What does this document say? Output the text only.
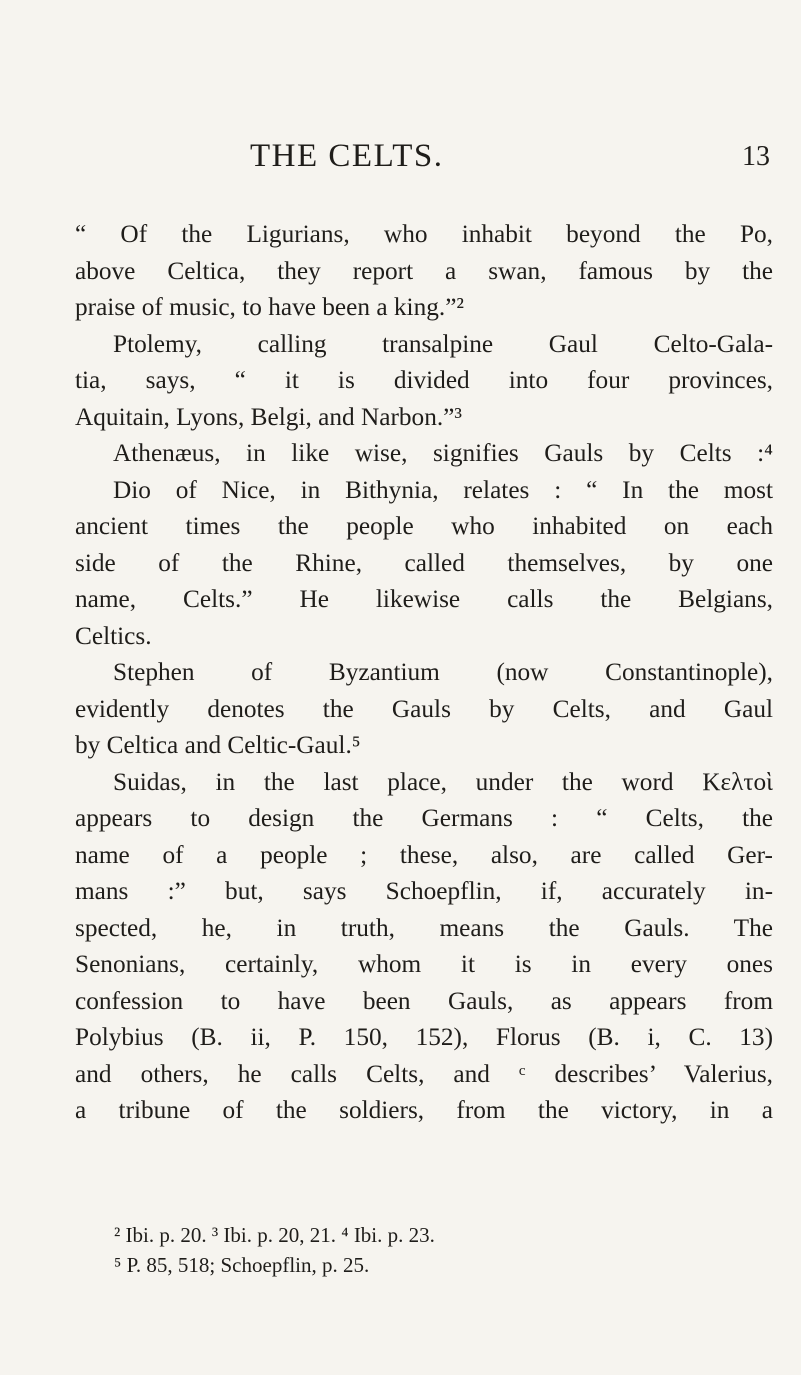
THE CELTS.	13
“ Of the Ligurians, who inhabit beyond the Po,
above Celtica, they report a swan, famous by the
praise of music, to have been a king.”²
Ptolemy, calling transalpine Gaul Celto-Gala-
tia, says, “ it is divided into four provinces,
Aquitain, Lyons, Belgi, and Narbon.”³
Athenæus, in like wise, signifies Gauls by Celts :⁴
Dio of Nice, in Bithynia, relates : “ In the most
ancient times the people who inhabited on each
side of the Rhine, called themselves, by one
name, Celts.” He likewise calls the Belgians,
Celtics.
Stephen of Byzantium (now Constantinople),
evidently denotes the Gauls by Celts, and Gaul
by Celtica and Celtic-Gaul.⁵
Suidas, in the last place, under the word Κελτοὶ
appears to design the Germans : “ Celts, the
name of a people ; these, also, are called Ger-
mans :” but, says Schoepflin, if, accurately in-
spected, he, in truth, means the Gauls. The
Senonians, certainly, whom it is in every ones
confession to have been Gauls, as appears from
Polybius (B. ii, P. 150, 152), Florus (B. i, C. 13)
and others, he calls Celts, and ᶜ describes’ Valerius,
a tribune of the soldiers, from the victory, in a
² Ibi. p. 20. ³ Ibi. p. 20, 21. ⁴ Ibi. p. 23.
⁵ P. 85, 518; Schoepflin, p. 25.
